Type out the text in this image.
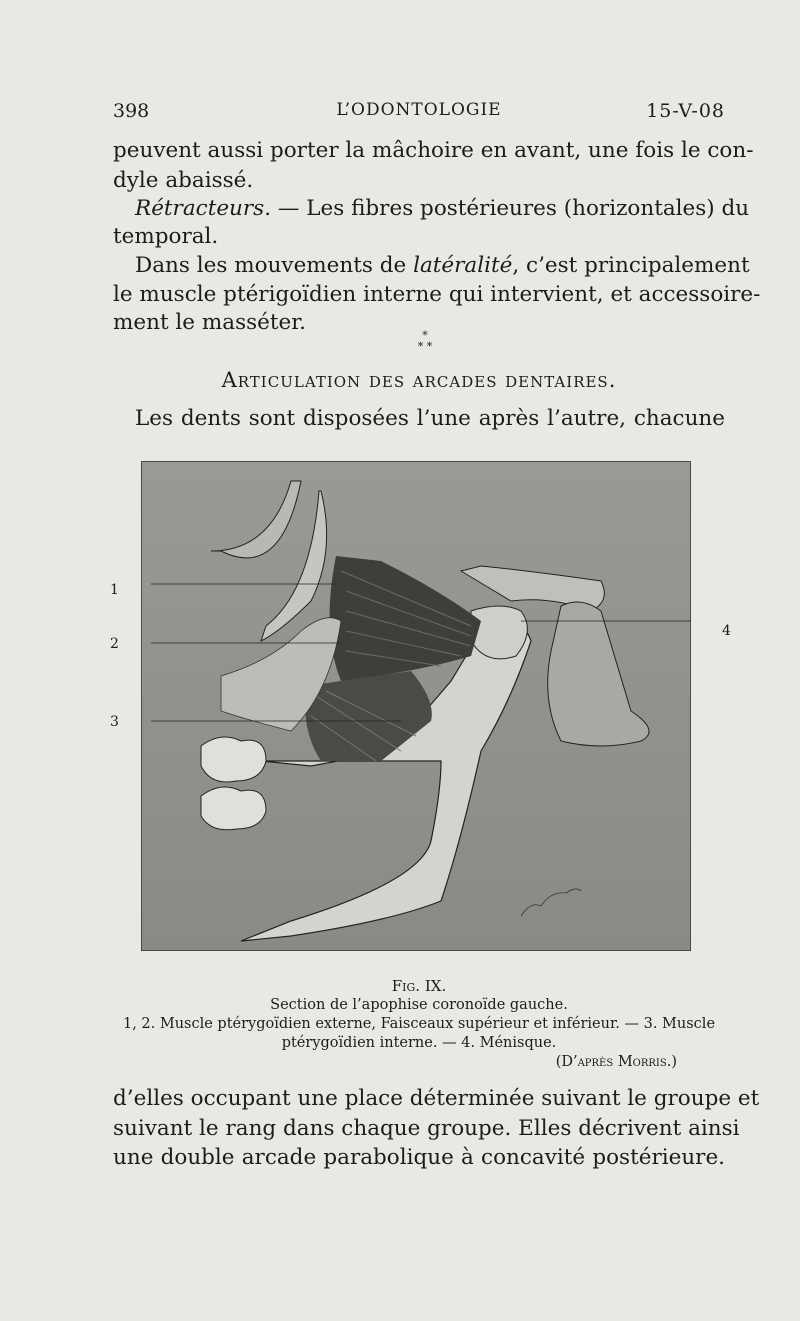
398	L’ODONTOLOGIE	15-V-08
peuvent aussi porter la mâchoire en avant, une fois le con-
dyle abaissé.
Rétracteurs. — Les fibres postérieures (horizontales) du
temporal.
Dans les mouvements de latéralité, c’est principalement
le muscle ptérigoïdien interne qui intervient, et accessoire-
ment le masséter.
*
* *
Articulation des arcades dentaires.
Les dents sont disposées l’une après l’autre, chacune
1
2
3
4
Fig. IX.
Section de l’apophise coronoïde gauche.
1, 2. Muscle ptérygoïdien externe, Faisceaux supérieur et inférieur. — 3. Muscle
ptérygoïdien interne. — 4. Ménisque.
(D’après Morris.)
d’elles occupant une place déterminée suivant le groupe et
suivant le rang dans chaque groupe. Elles décrivent ainsi
une double arcade parabolique à concavité postérieure.
